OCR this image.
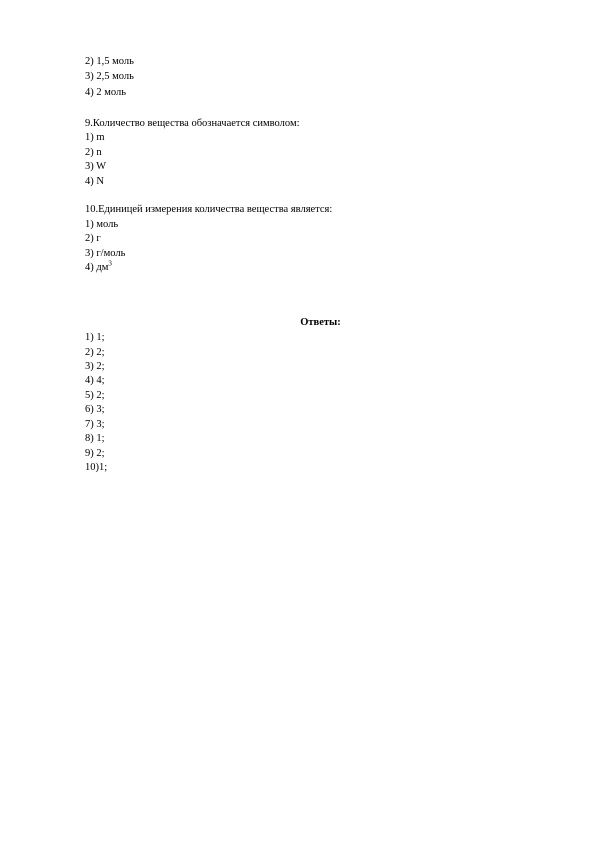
2) 1,5 моль
3) 2,5 моль
4) 2 моль
9.Количество вещества обозначается символом:
1) m
2) n
3) W
4) N
10.Единицей измерения количества вещества является:
1) моль
2) г
3) г/моль
4) $дм^3$
Ответы:
1) 1;
2) 2;
3) 2;
4) 4;
5) 2;
6) 3;
7) 3;
8) 1;
9) 2;
10)1;
